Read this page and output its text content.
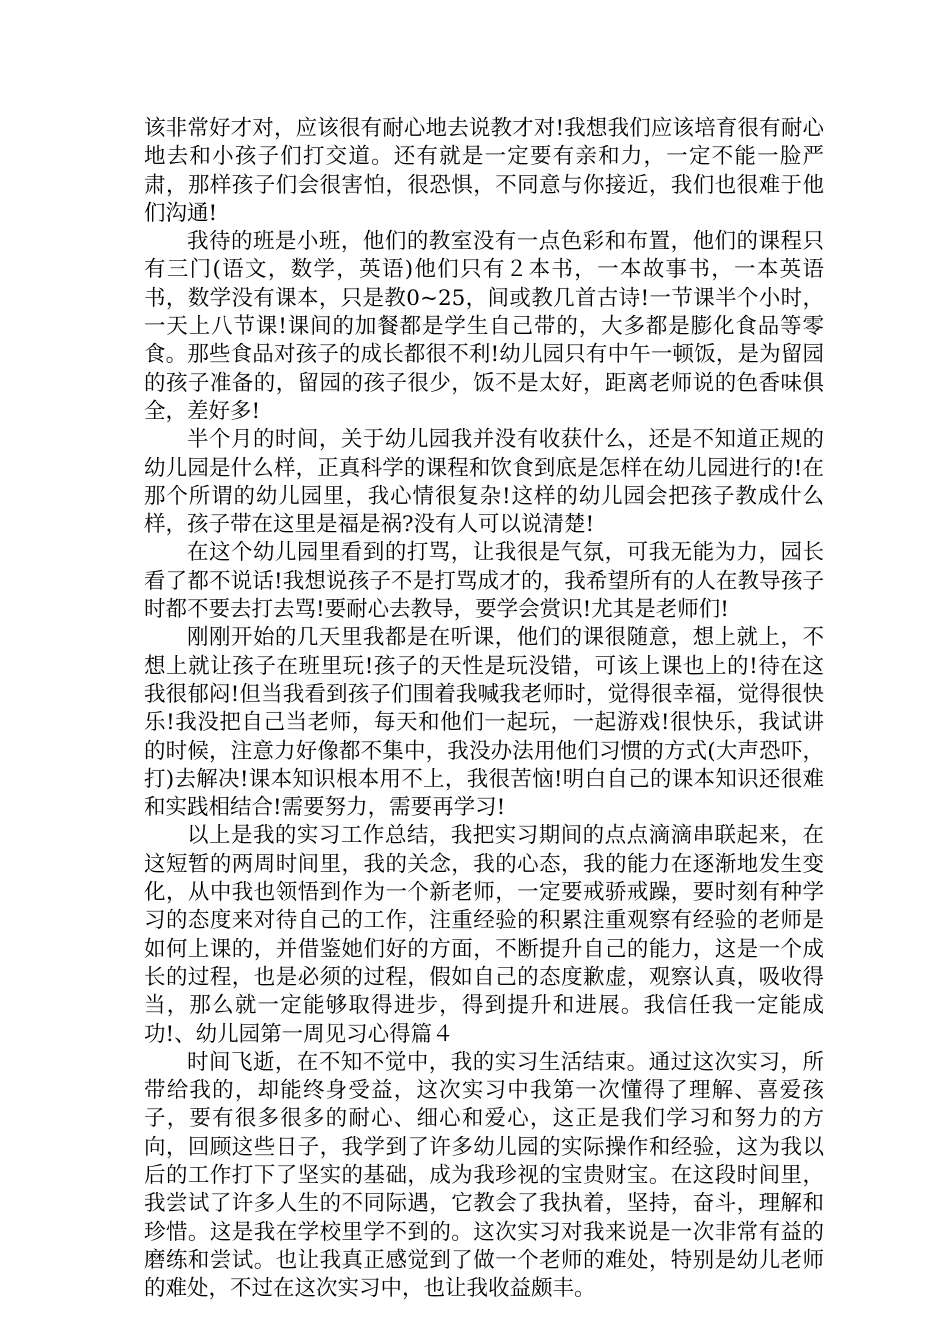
该非常好才对，应该很有耐心地去说教才对!我想我们应该培育很有耐心地去和小孩子们打交道。还有就是一定要有亲和力，一定不能一脸严肃，那样孩子们会很害怕，很恐惧，不同意与你接近，我们也很难于他们沟通!

我待的班是小班，他们的教室没有一点色彩和布置，他们的课程只有三门(语文，数学，英语)他们只有２本书，一本故事书，一本英语书，数学没有课本，只是教0~25，间或教几首古诗!一节课半个小时，一天上八节课!课间的加餐都是学生自己带的，大多都是膨化食品等零食。那些食品对孩子的成长都很不利!幼儿园只有中午一顿饭，是为留园的孩子准备的，留园的孩子很少，饭不是太好，距离老师说的色香味俱全，差好多!

半个月的时间，关于幼儿园我并没有收获什么，还是不知道正规的幼儿园是什么样，正真科学的课程和饮食到底是怎样在幼儿园进行的!在那个所谓的幼儿园里，我心情很复杂!这样的幼儿园会把孩子教成什么样，孩子带在这里是福是祸?没有人可以说清楚!

在这个幼儿园里看到的打骂，让我很是气氛，可我无能为力，园长看了都不说话!我想说孩子不是打骂成才的，我希望所有的人在教导孩子时都不要去打去骂!要耐心去教导，要学会赏识!尤其是老师们!

刚刚开始的几天里我都是在听课，他们的课很随意，想上就上，不想上就让孩子在班里玩!孩子的天性是玩没错，可该上课也上的!待在这我很郁闷!但当我看到孩子们围着我喊我老师时，觉得很幸福，觉得很快乐!我没把自己当老师，每天和他们一起玩，一起游戏!很快乐，我试讲的时候，注意力好像都不集中，我没办法用他们习惯的方式(大声恐吓，打)去解决!课本知识根本用不上，我很苦恼!明白自己的课本知识还很难和实践相结合!需要努力，需要再学习!

以上是我的实习工作总结，我把实习期间的点点滴滴串联起来，在这短暂的两周时间里，我的关念，我的心态，我的能力在逐渐地发生变化，从中我也领悟到作为一个新老师，一定要戒骄戒躁，要时刻有种学习的态度来对待自己的工作，注重经验的积累注重观察有经验的老师是如何上课的，并借鉴她们好的方面，不断提升自己的能力，这是一个成长的过程，也是必须的过程，假如自己的态度歉虚，观察认真，吸收得当，那么就一定能够取得进步，得到提升和进展。我信任我一定能成功!、幼儿园第一周见习心得篇４

时间飞逝，在不知不觉中，我的实习生活结束。通过这次实习，所带给我的，却能终身受益，这次实习中我第一次懂得了理解、喜爱孩子，要有很多很多的耐心、细心和爱心，这正是我们学习和努力的方向，回顾这些日子，我学到了许多幼儿园的实际操作和经验，这为我以后的工作打下了坚实的基础，成为我珍视的宝贵财宝。在这段时间里，我尝试了许多人生的不同际遇，它教会了我执着，坚持，奋斗，理解和珍惜。这是我在学校里学不到的。这次实习对我来说是一次非常有益的磨练和尝试。也让我真正感觉到了做一个老师的难处，特别是幼儿老师的难处，不过在这次实习中，也让我收益颇丰。
